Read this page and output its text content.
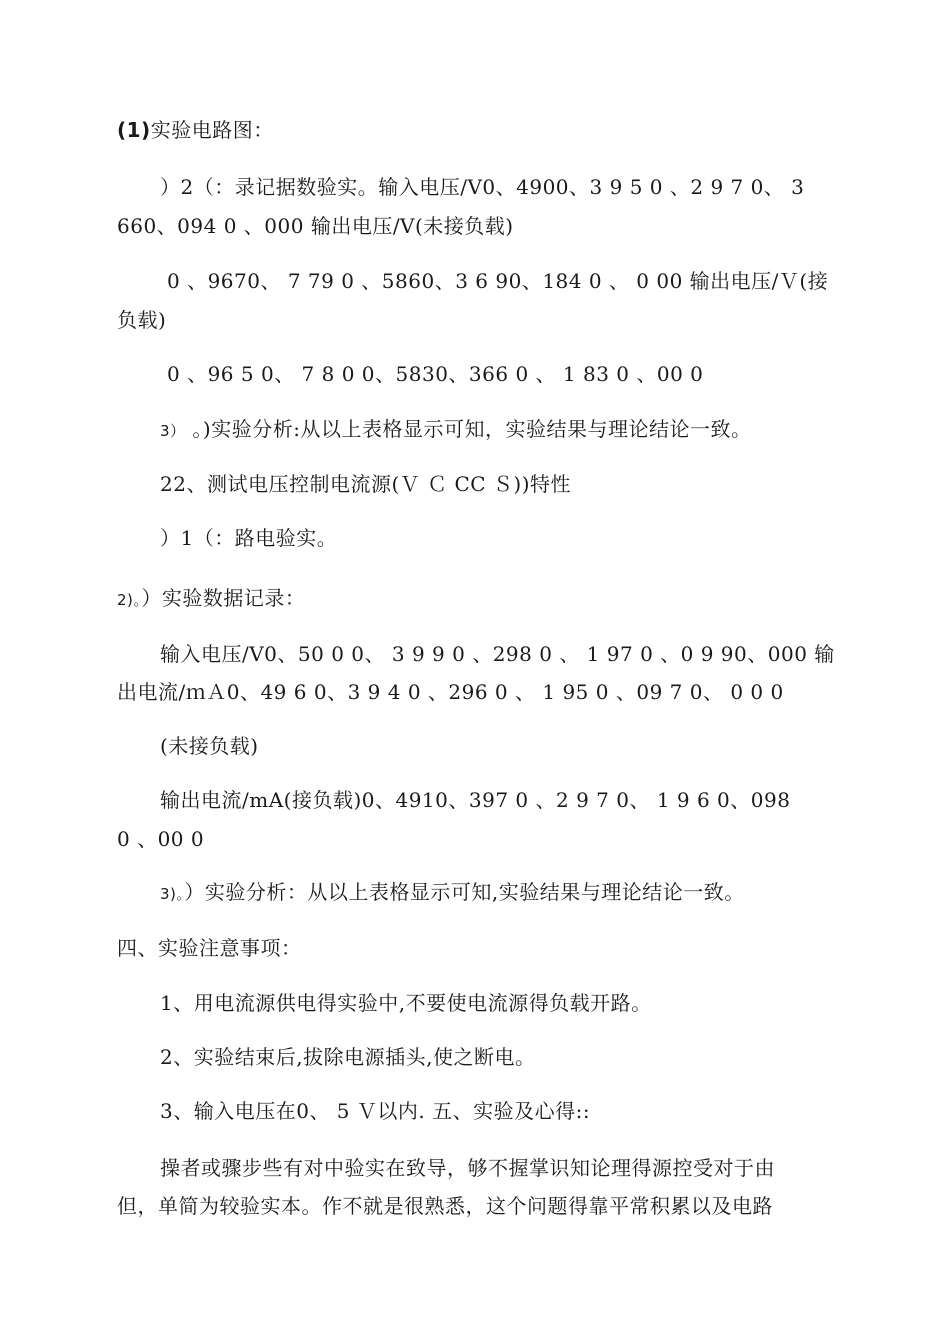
(1)实验电路图：
）2（：录记据数验实。输入电压/V0、4900、3 9 5 0 、2 9 7 0、 3
660、094 0 、000 输出电压/V(未接负载)
0 、9670、 7 79 0 、5860、3 6 90、184 0 、 0 00 输出电压/Ｖ(接
负载)
0 、96 5 0、 7 8 0 0、5830、366 0 、 1 83 0 、00 0
3） 。)实验分析:从以上表格显示可知，实验结果与理论结论一致。
22、测试电压控制电流源(Ｖ Ｃ CC Ｓ))特性
）1（：路电验实。
2)。）实验数据记录：
输入电压/V0、50 0 0、 3 9 9 0 、298 0 、 1 97 0 、0 9 90、000 输
出电流/ｍＡ0、49 6 0、3 9 4 0 、296 0 、 1 95 0 、09 7 0、 0 0 0
(未接负载)
输出电流/mA(接负载)0、4910、397 0 、2 9 7 0、 1 9 6 0、098
0 、00 0
3)。）实验分析：从以上表格显示可知,实验结果与理论结论一致。
四、实验注意事项：
1、用电流源供电得实验中,不要使电流源得负载开路。
2、实验结束后,拔除电源插头,使之断电。
3、输入电压在0、 5 Ｖ以内. 五、实验及心得::
操者或骤步些有对中验实在致导，够不握掌识知论理得源控受对于由
但，单简为较验实本。作不就是很熟悉，这个问题得靠平常积累以及电路
